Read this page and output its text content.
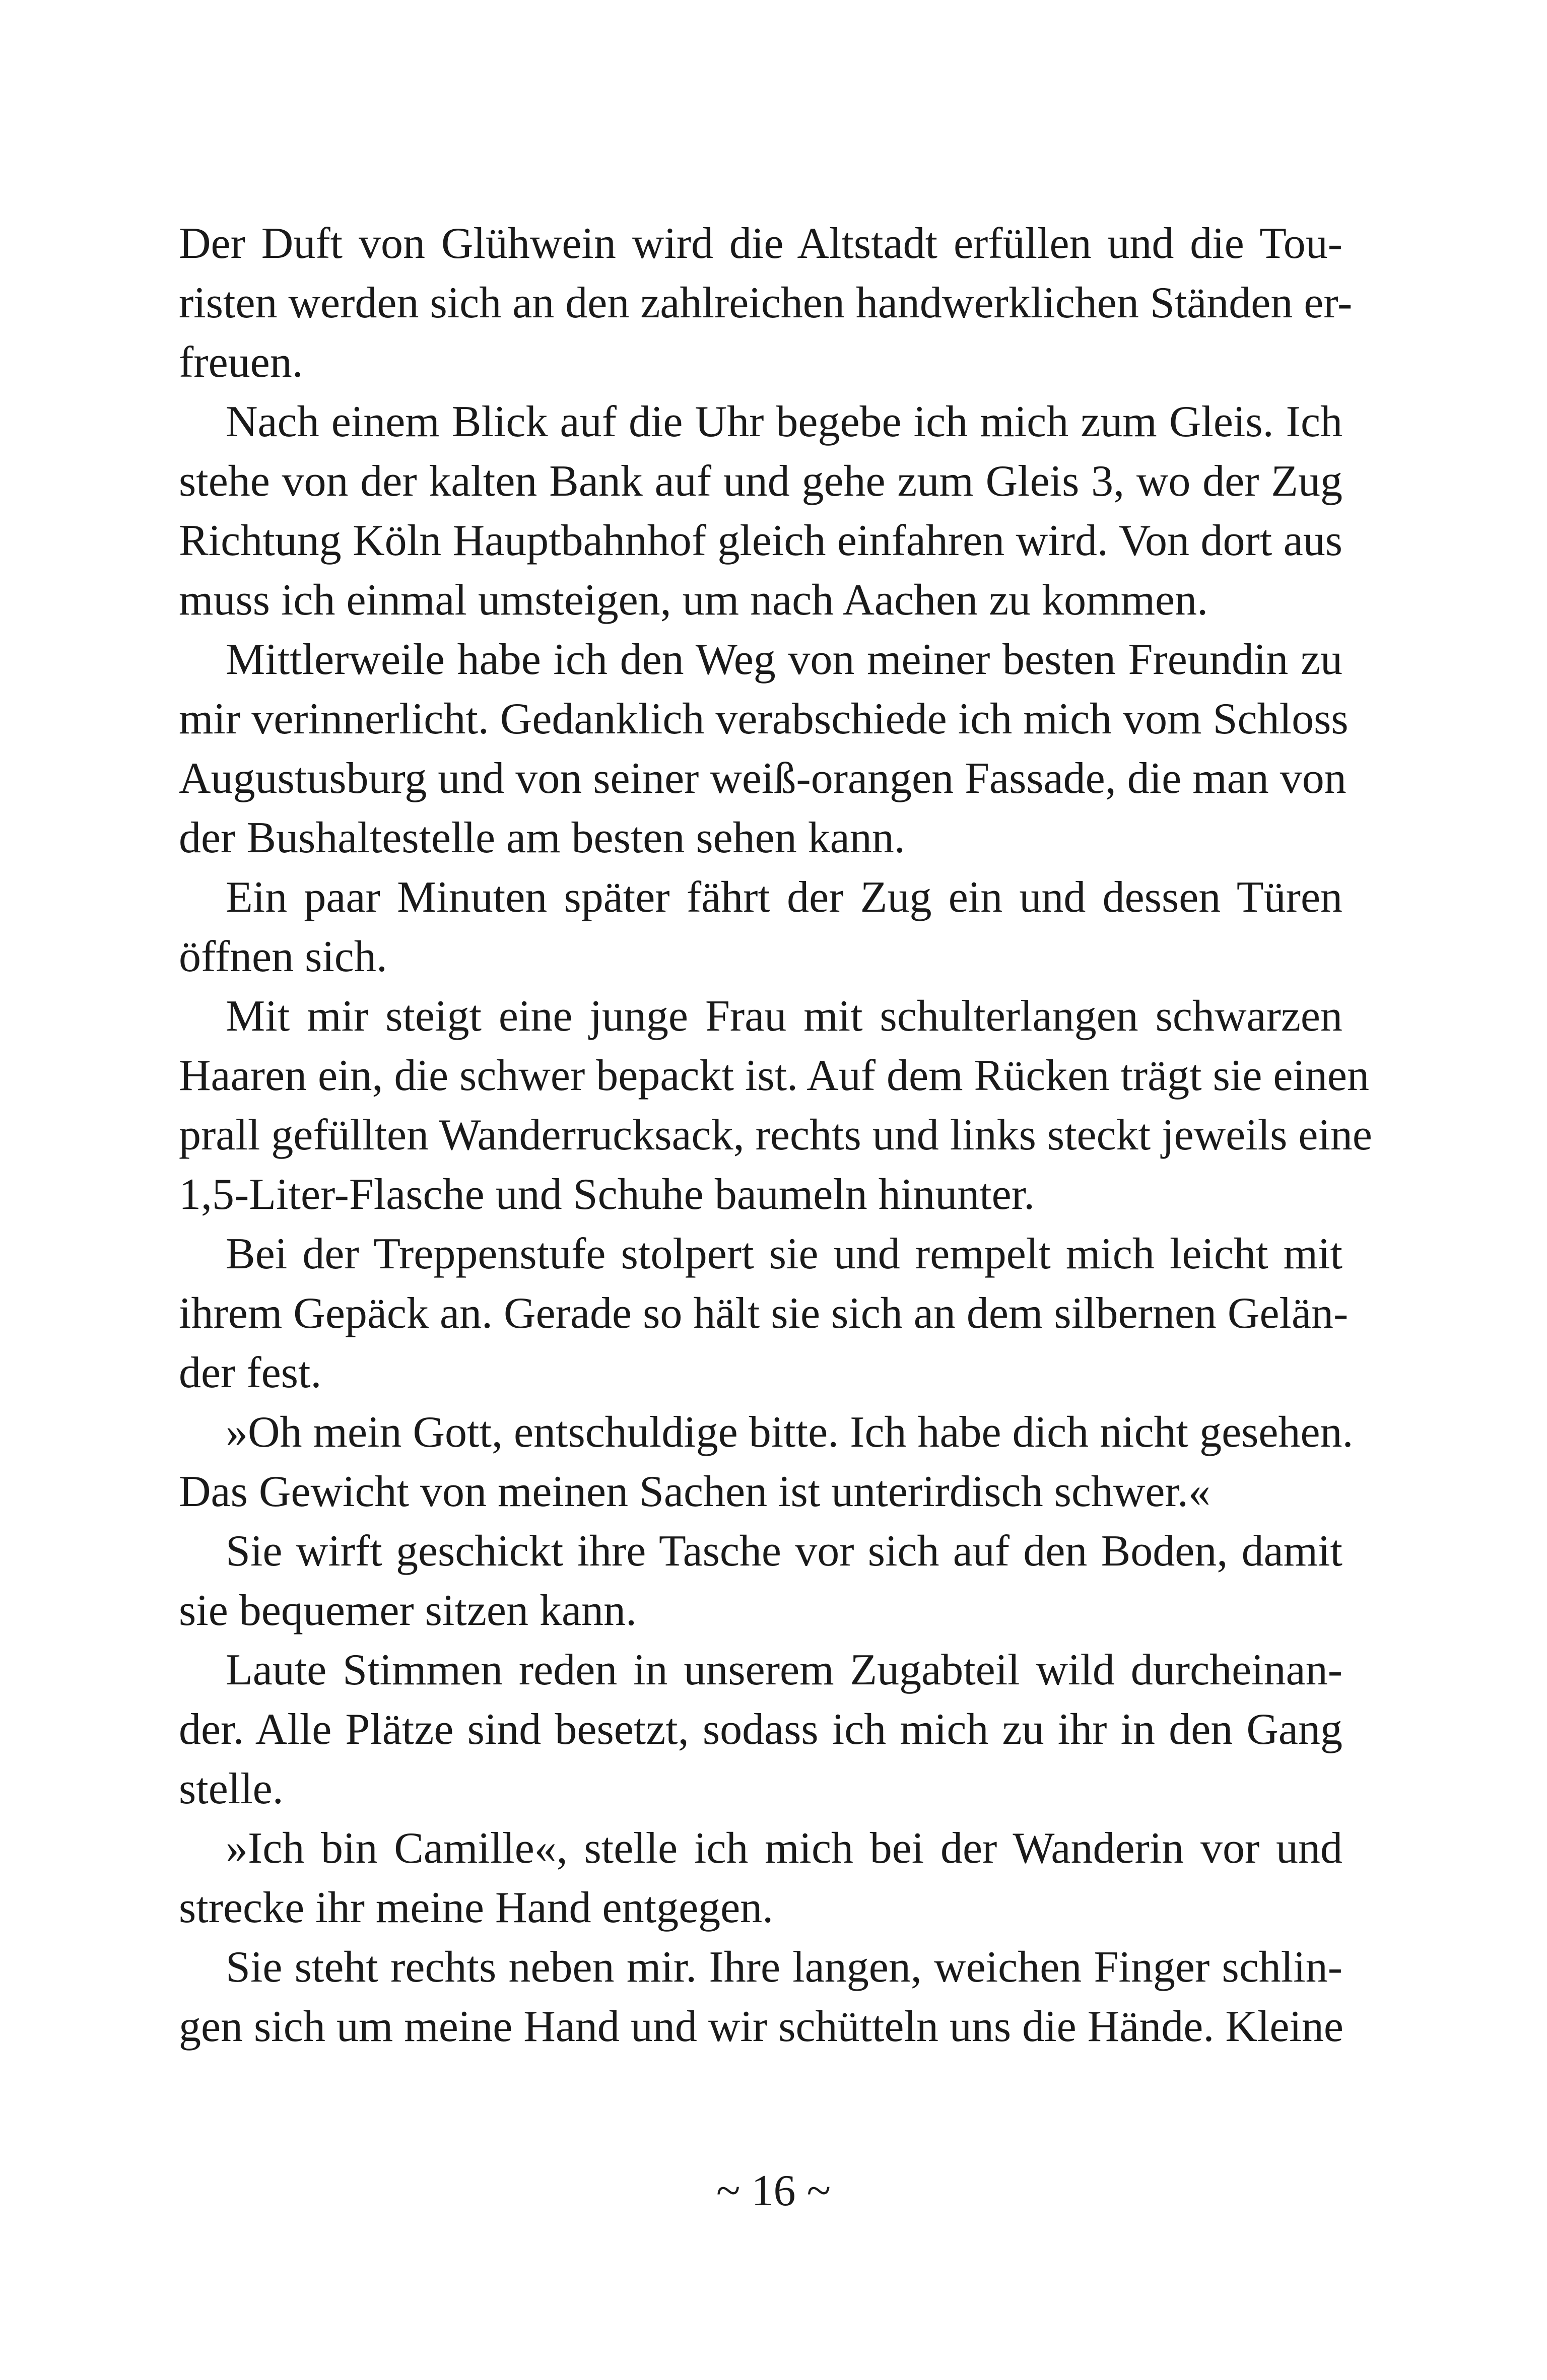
Der Duft von Glühwein wird die Altstadt erfüllen und die Tou-
risten werden sich an den zahlreichen handwerklichen Ständen er-
freuen.
Nach einem Blick auf die Uhr begebe ich mich zum Gleis. Ich
stehe von der kalten Bank auf und gehe zum Gleis 3, wo der Zug
Richtung Köln Hauptbahnhof gleich einfahren wird. Von dort aus
muss ich einmal umsteigen, um nach Aachen zu kommen.
Mittlerweile habe ich den Weg von meiner besten Freundin zu
mir verinnerlicht. Gedanklich verabschiede ich mich vom Schloss
Augustusburg und von seiner weiß-orangen Fassade, die man von
der Bushaltestelle am besten sehen kann.
Ein paar Minuten später fährt der Zug ein und dessen Türen
öffnen sich.
Mit mir steigt eine junge Frau mit schulterlangen schwarzen
Haaren ein, die schwer bepackt ist. Auf dem Rücken trägt sie einen
prall gefüllten Wanderrucksack, rechts und links steckt jeweils eine
1,5-Liter-Flasche und Schuhe baumeln hinunter.
Bei der Treppenstufe stolpert sie und rempelt mich leicht mit
ihrem Gepäck an. Gerade so hält sie sich an dem silbernen Gelän-
der fest.
»Oh mein Gott, entschuldige bitte. Ich habe dich nicht gesehen.
Das Gewicht von meinen Sachen ist unterirdisch schwer.«
Sie wirft geschickt ihre Tasche vor sich auf den Boden, damit
sie bequemer sitzen kann.
Laute Stimmen reden in unserem Zugabteil wild durcheinan-
der. Alle Plätze sind besetzt, sodass ich mich zu ihr in den Gang
stelle.
»Ich bin Camille«, stelle ich mich bei der Wanderin vor und
strecke ihr meine Hand entgegen.
Sie steht rechts neben mir. Ihre langen, weichen Finger schlin-
gen sich um meine Hand und wir schütteln uns die Hände. Kleine
~ 16 ~
